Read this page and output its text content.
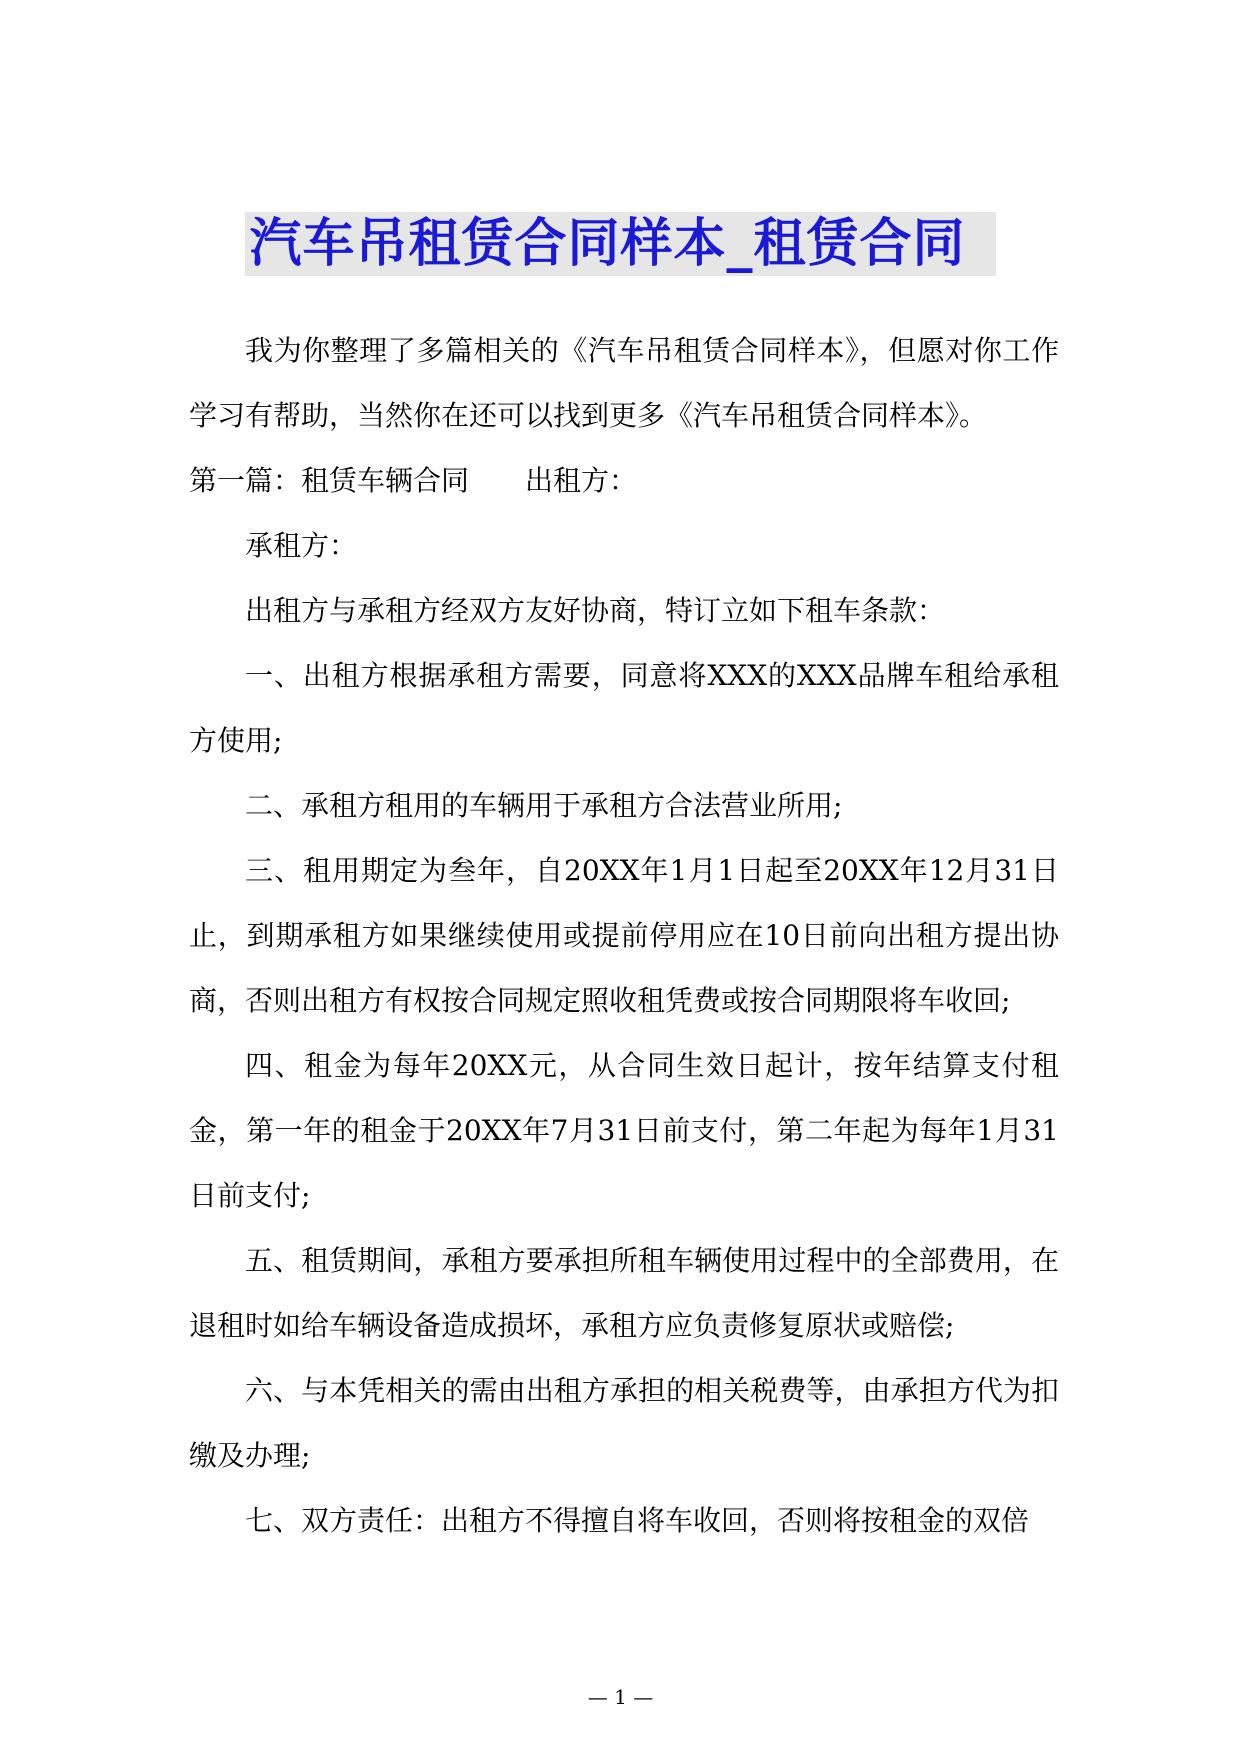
汽车吊租赁合同样本_租赁合同

我为你整理了多篇相关的《汽车吊租赁合同样本》，但愿对你工作学习有帮助，当然你在还可以找到更多《汽车吊租赁合同样本》。

第一篇：租赁车辆合同 出租方：

承租方：

出租方与承租方经双方友好协商，特订立如下租车条款：

一、出租方根据承租方需要，同意将XXX的XXX品牌车租给承租方使用;

二、承租方租用的车辆用于承租方合法营业所用;

三、租用期定为叁年，自20XX年1月1日起至20XX年12月31日止，到期承租方如果继续使用或提前停用应在10日前向出租方提出协商，否则出租方有权按合同规定照收租凭费或按合同期限将车收回;

四、租金为每年20XX元，从合同生效日起计，按年结算支付租金，第一年的租金于20XX年7月31日前支付，第二年起为每年1月31日前支付;

五、租赁期间，承租方要承担所租车辆使用过程中的全部费用，在退租时如给车辆设备造成损坏，承租方应负责修复原状或赔偿;

六、与本凭相关的需由出租方承担的相关税费等，由承担方代为扣缴及办理;

七、双方责任：出租方不得擅自将车收回，否则将按租金的双倍

— 1 —
